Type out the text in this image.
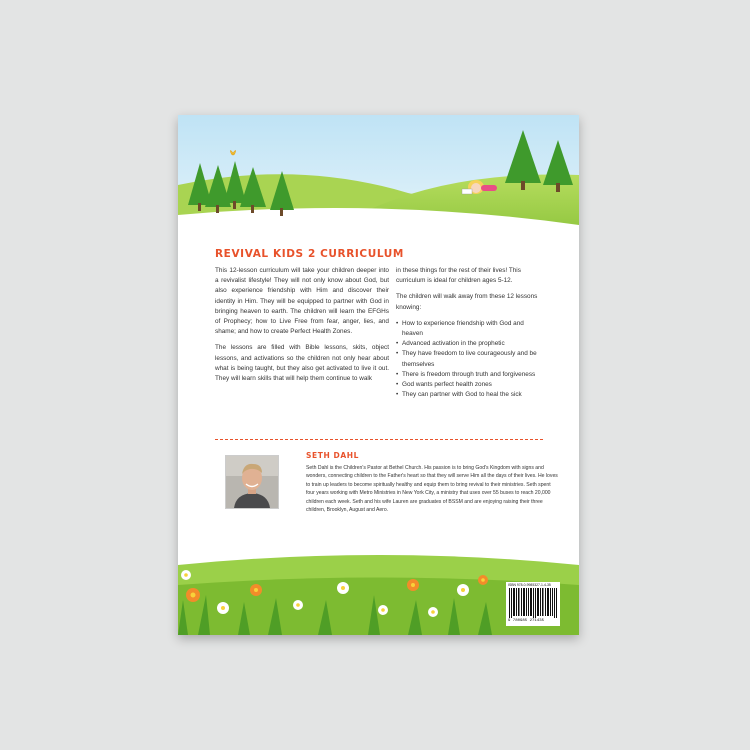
REVIVAL KIDS 2 CURRICULUM

This 12-lesson curriculum will take your children deeper into a revivalist lifestyle! They will not only know about God, but also experience friendship with Him and discover their identity in Him. They will be equipped to partner with God in bringing heaven to earth. The children will learn the EFGHs of Prophecy; how to Live Free from fear, anger, lies, and shame; and how to create Perfect Health Zones.

The lessons are filled with Bible lessons, skits, object lessons, and activations so the children not only hear about what is being taught, but they also get activated to live it out. They will learn skills that will help them continue to walk

in these things for the rest of their lives! This curriculum is ideal for children ages 5-12.

The children will walk away from these 12 lessons knowing:

• How to experience friendship with God and heaven
• Advanced activation in the prophetic
• They have freedom to live courageously and be themselves
• There is freedom through truth and forgiveness
• God wants perfect health zones
• They can partner with God to heal the sick
SETH DAHL
Seth Dahl is the Children's Pastor at Bethel Church. His passion is to bring God's Kingdom with signs and wonders, connecting children to the Father's heart so that they will serve Him all the days of their lives. He loves to train up leaders to become spiritually healthy and equip them to bring revival to their ministries. Seth spent four years working with Metro Ministries in New York City, a ministry that uses over 55 buses to reach 20,000 children each week. Seth and his wife Lauren are graduates of BSSM and are enjoying raising their three children, Brooklyn, August and Aero.
ISBN 978-0-9985327-1-4-35
9 780985 271435
